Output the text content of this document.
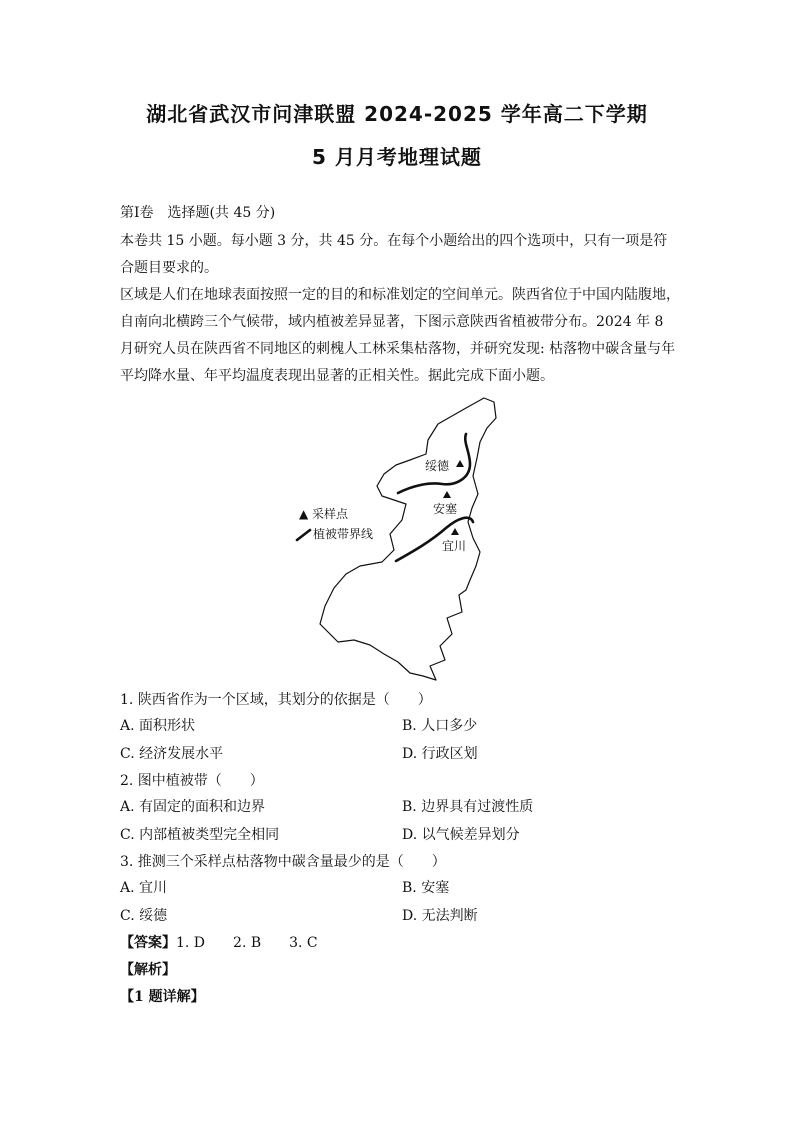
湖北省武汉市问津联盟 2024-2025 学年高二下学期
5 月月考地理试题

第Ⅰ卷　选择题(共 45 分)

本卷共 15 小题。每小题 3 分，共 45 分。在每个小题给出的四个选项中，只有一项是符合题目要求的。

区域是人们在地球表面按照一定的目的和标准划定的空间单元。陕西省位于中国内陆腹地，自南向北横跨三个气候带，域内植被差异显著，下图示意陕西省植被带分布。2024 年 8 月研究人员在陕西省不同地区的刺槐人工林采集枯落物，并研究发现: 枯落物中碳含量与年平均降水量、年平均温度表现出显著的正相关性。据此完成下面小题。

绥德
安塞
宜川
▲ 采样点
植被带界线
1. 陕西省作为一个区域，其划分的依据是（　　）
A. 面积形状	B. 人口多少
C. 经济发展水平	D. 行政区划
2. 图中植被带（　　）
A. 有固定的面积和边界	B. 边界具有过渡性质
C. 内部植被类型完全相同	D. 以气候差异划分
3. 推测三个采样点枯落物中碳含量最少的是（　　）
A. 宜川	B. 安塞
C. 绥德	D. 无法判断
【答案】1. D　　2. B　　3. C
【解析】
【1 题详解】
